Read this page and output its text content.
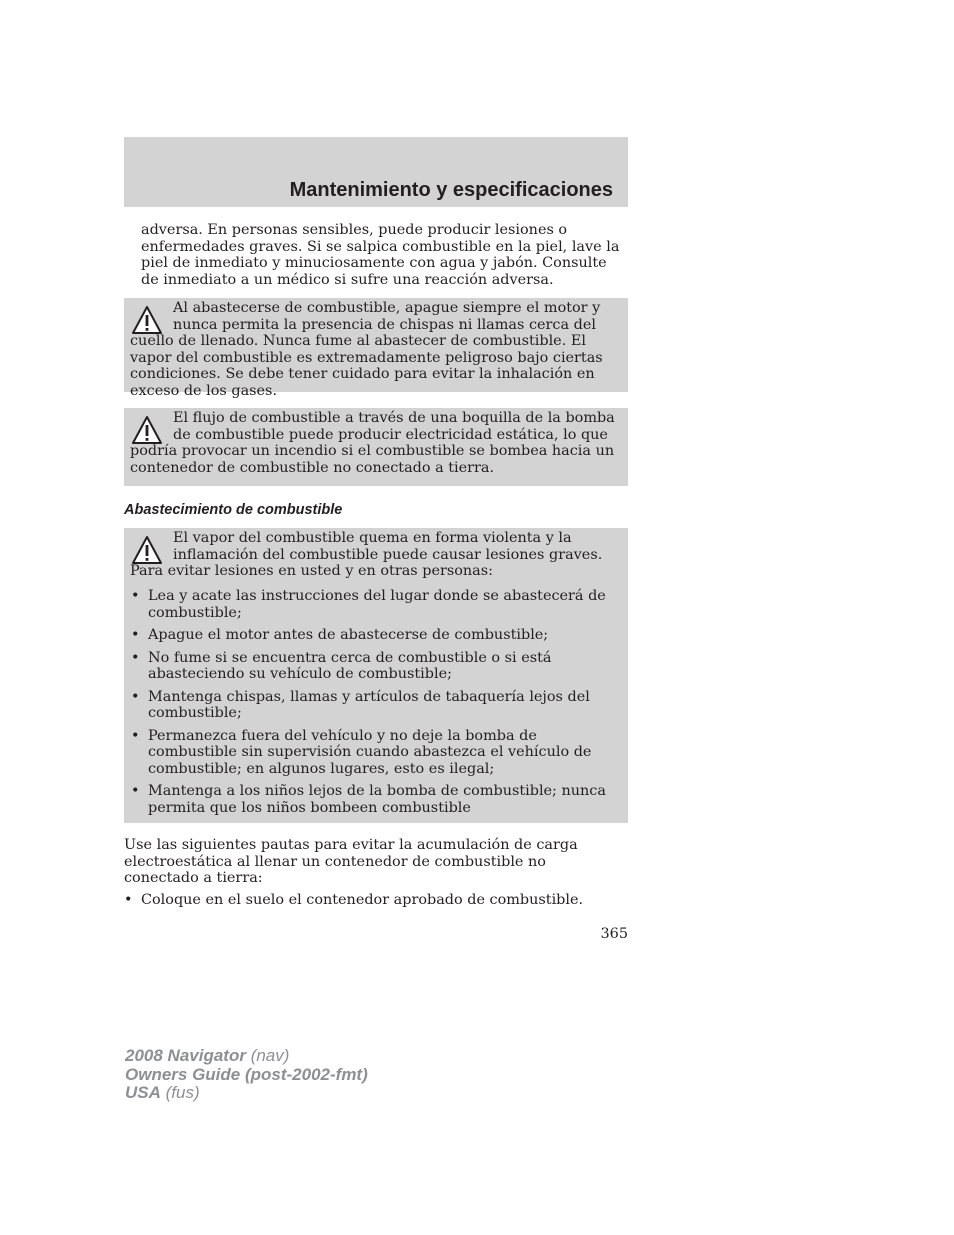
Mantenimiento y especificaciones

adversa. En personas sensibles, puede producir lesiones o enfermedades graves. Si se salpica combustible en la piel, lave la piel de inmediato y minuciosamente con agua y jabón. Consulte de inmediato a un médico si sufre una reacción adversa.

Al abastecerse de combustible, apague siempre el motor y nunca permita la presencia de chispas ni llamas cerca del cuello de llenado. Nunca fume al abastecer de combustible. El vapor del combustible es extremadamente peligroso bajo ciertas condiciones. Se debe tener cuidado para evitar la inhalación en exceso de los gases.

El flujo de combustible a través de una boquilla de la bomba de combustible puede producir electricidad estática, lo que podría provocar un incendio si el combustible se bombea hacia un contenedor de combustible no conectado a tierra.

Abastecimiento de combustible

El vapor del combustible quema en forma violenta y la inflamación del combustible puede causar lesiones graves. Para evitar lesiones en usted y en otras personas:

• Lea y acate las instrucciones del lugar donde se abastecerá de combustible;
• Apague el motor antes de abastecerse de combustible;
• No fume si se encuentra cerca de combustible o si está abasteciendo su vehículo de combustible;
• Mantenga chispas, llamas y artículos de tabaquería lejos del combustible;
• Permanezca fuera del vehículo y no deje la bomba de combustible sin supervisión cuando abastezca el vehículo de combustible; en algunos lugares, esto es ilegal;
• Mantenga a los niños lejos de la bomba de combustible; nunca permita que los niños bombeen combustible

Use las siguientes pautas para evitar la acumulación de carga electroestática al llenar un contenedor de combustible no conectado a tierra:

• Coloque en el suelo el contenedor aprobado de combustible.
365
2008 Navigator (nav)
Owners Guide (post-2002-fmt)
USA (fus)
